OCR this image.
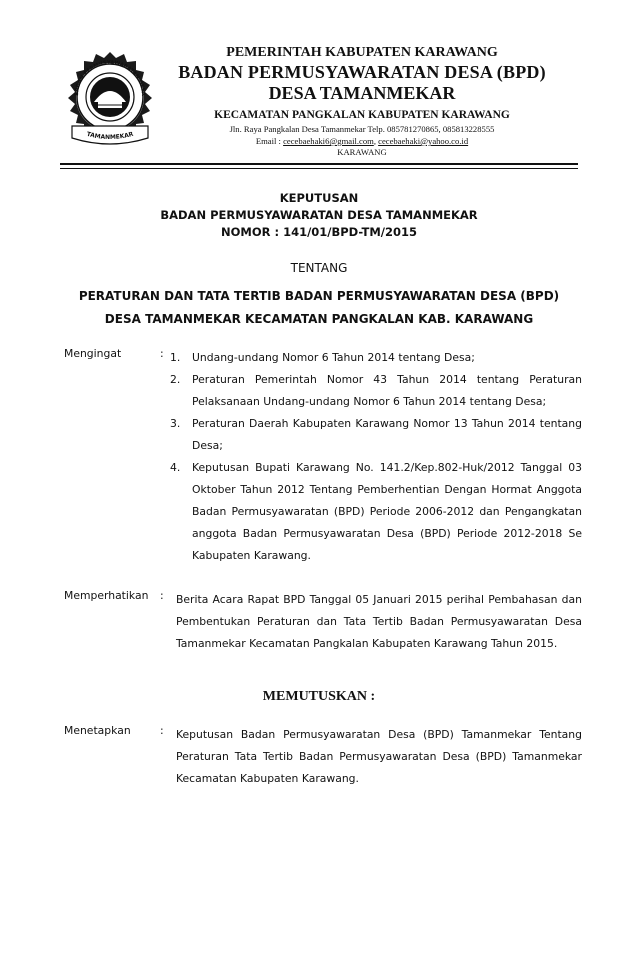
BADAN PERMUSYAWARATAN DESA
TAMANMEKAR
PEMERINTAH KABUPATEN KARAWANG
BADAN PERMUSYAWARATAN DESA (BPD)
DESA TAMANMEKAR
KECAMATAN PANGKALAN KABUPATEN KARAWANG
Jln. Raya Pangkalan Desa Tamanmekar Telp. 085781270865, 085813228555
Email : cecebaehaki6@gmail.com, cecebaehaki@yahoo.co.id
KARAWANG
KEPUTUSAN
BADAN PERMUSYAWARATAN DESA TAMANMEKAR
NOMOR : 141/01/BPD-TM/2015
TENTANG
PERATURAN DAN TATA TERTIB BADAN PERMUSYAWARATAN DESA (BPD)
DESA TAMANMEKAR KECAMATAN PANGKALAN KAB. KARAWANG
Mengingat	: 1. Undang-undang Nomor 6 Tahun 2014 tentang Desa;
2. Peraturan Pemerintah Nomor 43 Tahun 2014 tentang Peraturan Pelaksanaan Undang-undang Nomor 6 Tahun 2014 tentang Desa;
3. Peraturan Daerah Kabupaten Karawang Nomor 13 Tahun 2014 tentang Desa;
4. Keputusan Bupati Karawang No. 141.2/Kep.802-Huk/2012 Tanggal 03 Oktober Tahun 2012 Tentang Pemberhentian Dengan Hormat Anggota Badan Permusyawaratan (BPD) Periode 2006-2012 dan Pengangkatan anggota Badan Permusyawaratan Desa (BPD) Periode 2012-2018 Se Kabupaten Karawang.
Memperhatikan : Berita Acara Rapat BPD Tanggal 05 Januari 2015 perihal Pembahasan dan Pembentukan Peraturan dan Tata Tertib Badan Permusyawaratan Desa Tamanmekar Kecamatan Pangkalan Kabupaten Karawang Tahun 2015.
MEMUTUSKAN :
Menetapkan	: Keputusan Badan Permusyawaratan Desa (BPD) Tamanmekar Tentang Peraturan Tata Tertib Badan Permusyawaratan Desa (BPD) Tamanmekar Kecamatan Kabupaten Karawang.
